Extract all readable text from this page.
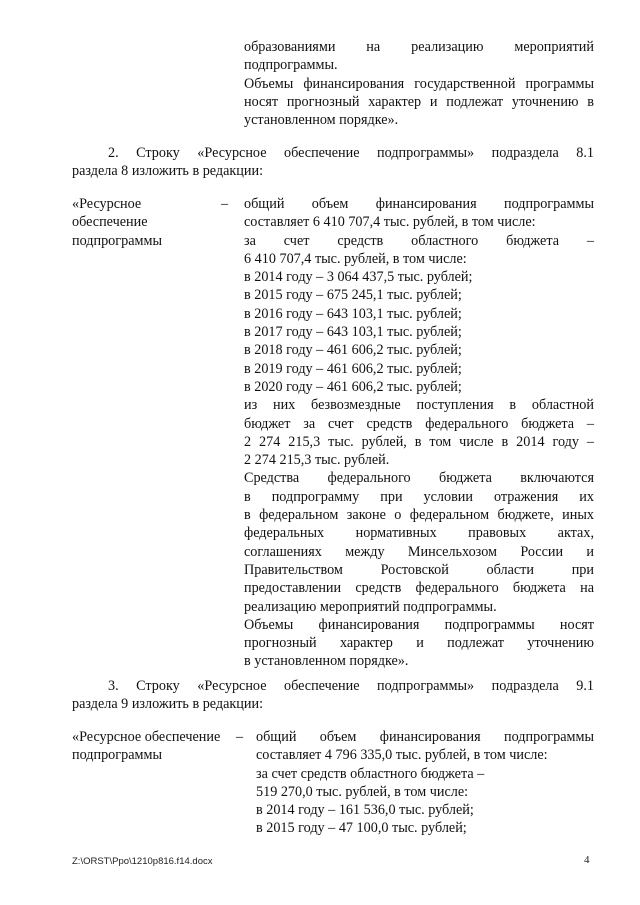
образованиями на реализацию мероприятий
подпрограммы.
Объемы финансирования государственной программы
носят прогнозный характер и подлежат уточнению в
установленном порядке».
2. Строку «Ресурсное обеспечение подпрограммы» подраздела 8.1
раздела 8 изложить в редакции:
«Ресурсное
обеспечение
подпрограммы
– общий объем финансирования подпрограммы
составляет 6 410 707,4 тыс. рублей, в том числе:
за счет средств областного бюджета –
6 410 707,4 тыс. рублей, в том числе:
в 2014 году – 3 064 437,5 тыс. рублей;
в 2015 году – 675 245,1 тыс. рублей;
в 2016 году – 643 103,1 тыс. рублей;
в 2017 году – 643 103,1 тыс. рублей;
в 2018 году – 461 606,2 тыс. рублей;
в 2019 году – 461 606,2 тыс. рублей;
в 2020 году – 461 606,2 тыс. рублей;
из них безвозмездные поступления в областной
бюджет за счет средств федерального бюджета –
2 274 215,3 тыс. рублей, в том числе в 2014 году –
2 274 215,3 тыс. рублей.
Средства федерального бюджета включаются
в подпрограмму при условии отражения их
в федеральном законе о федеральном бюджете, иных
федеральных нормативных правовых актах,
соглашениях между Минсельхозом России и
Правительством Ростовской области при
предоставлении средств федерального бюджета на
реализацию мероприятий подпрограммы.
Объемы финансирования подпрограммы носят
прогнозный характер и подлежат уточнению
в установленном порядке».
3. Строку «Ресурсное обеспечение подпрограммы» подраздела 9.1
раздела 9 изложить в редакции:
«Ресурсное обеспечение
подпрограммы
– общий объем финансирования подпрограммы
составляет 4 796 335,0 тыс. рублей, в том числе:
за счет средств областного бюджета –
519 270,0 тыс. рублей, в том числе:
в 2014 году – 161 536,0 тыс. рублей;
в 2015 году – 47 100,0 тыс. рублей;
Z:\ORST\Ppo\1210p816.f14.docx	4
